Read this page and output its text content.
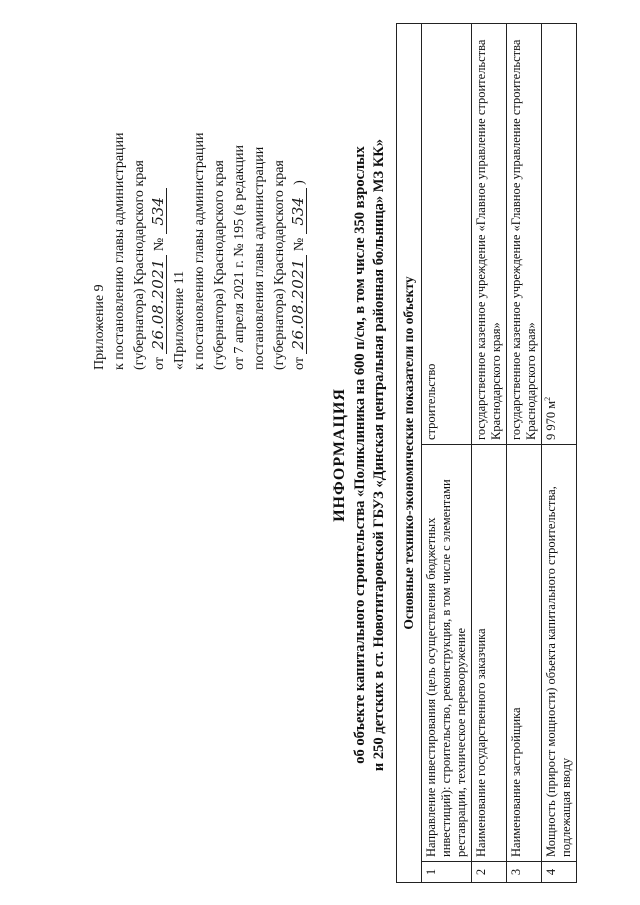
Приложение 9 к постановлению главы администрации (губернатора) Краснодарского края от 26.08.2021 № 534
«Приложение 11 к постановлению главы администрации (губернатора) Краснодарского края от 7 апреля 2021 г. № 195 (в редакции постановления главы администрации (губернатора) Краснодарского края от 26.08.2021 № 534 )
ИНФОРМАЦИЯ об объекте капитального строительства «Поликлиника на 600 п/см, в том числе 350 взрослых и 250 детских в ст. Новотитаровской ГБУЗ «Динская центральная районная больница» МЗ КК» Основные технико-экономические показатели по объекту		
1	Направление инвестирования (цель осуществления бюджетных инвестиций): строительство, реконструкция, в том числе с элементами реставрации, техническое перевооружение	строительство
2	Наименование государственного заказчика	государственное казенное учреждение «Главное управление строительства Краснодарского края»
3	Наименование застройщика	государственное казенное учреждение «Главное управление строительства Краснодарского края»
4	Мощность (прирост мощности) объекта капитального строительства, подлежащая вводу	9 970 $м^2$
